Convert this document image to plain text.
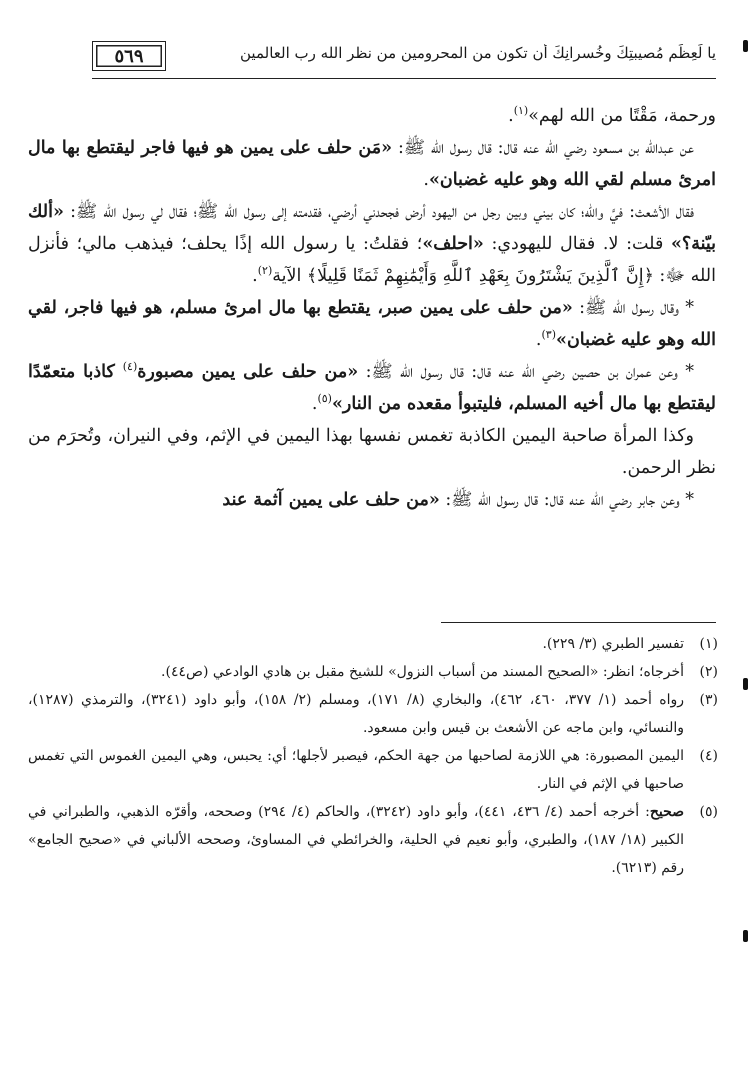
٥٦٩	يا لَعِظَمِ مُصيبتِكَ وخُسرانِكَ أن تكون من المحرومين من نظر الله رب العالمين

ورحمة، مَقْتًا من الله لهم»$^{(١)}$.

عن عبدالله بن مسعود رضي الله عنه قال: قال رسول الله ﷺ: «مَن حلف على يمين هو فيها فاجر ليقتطع بها مال امرئ مسلم لقي الله وهو عليه غضبان».

فقال الأشعث: فيَّ والله؛ كان بيني وبين رجل من اليهود أرض فجحدني أرضي، فقدمته إلى رسول الله ﷺ؛ فقال لي رسول الله ﷺ: «ألك بيّنة؟» قلت: لا. فقال لليهودي: «احلف»؛ فقلتُ: يا رسول الله إذًا يحلف؛ فيذهب مالي؛ فأنزل الله ﷻ: ﴿إِنَّ ٱلَّذِينَ يَشْتَرُونَ بِعَهْدِ ٱللَّهِ وَأَيْمَٰنِهِمْ ثَمَنًا قَلِيلًا﴾ الآية$^{(٢)}$.

* وقال رسول الله ﷺ: «من حلف على يمين صبر، يقتطع بها مال امرئ مسلم، هو فيها فاجر، لقي الله وهو عليه غضبان»$^{(٣)}$.

* وعن عمران بن حصين رضي الله عنه قال: قال رسول الله ﷺ: «من حلف على يمين مصبورة$^{(٤)}$ كاذبا متعمّدًا ليقتطع بها مال أخيه المسلم، فليتبوأ مقعده من النار»$^{(٥)}$.

وكذا المرأة صاحبة اليمين الكاذبة تغمس نفسها بهذا اليمين في الإثم، وفي النيران، وتُحرَم من نظر الرحمن.

* وعن جابر رضي الله عنه قال: قال رسول الله ﷺ: «من حلف على يمين آثمة عند

(١)
تفسير الطبري (٣/ ٢٢٩).
(٢)
أخرجاه؛ انظر: «الصحيح المسند من أسباب النزول» للشيخ مقبل بن هادي الوادعي (ص٤٤).
(٣)
رواه أحمد (١/ ٣٧٧، ٤٦٠، ٤٦٢)، والبخاري (٨/ ١٧١)، ومسلم (٢/ ١٥٨)، وأبو داود (٣٢٤١)، والترمذي (١٢٨٧)، والنسائي، وابن ماجه عن الأشعث بن قيس وابن مسعود.
(٤)
اليمين المصبورة: هي اللازمة لصاحبها من جهة الحكم، فيصبر لأجلها؛ أي: يحبس، وهي اليمين الغموس التي تغمس صاحبها في الإثم في النار.
(٥)
صحيح: أخرجه أحمد (٤/ ٤٣٦، ٤٤١)، وأبو داود (٣٢٤٢)، والحاكم (٤/ ٢٩٤) وصححه، وأقرّه الذهبي، والطبراني في الكبير (١٨/ ١٨٧)، والطبري، وأبو نعيم في الحلية، والخرائطي في المساوئ، وصححه الألباني في «صحيح الجامع» رقم (٦٢١٣).
